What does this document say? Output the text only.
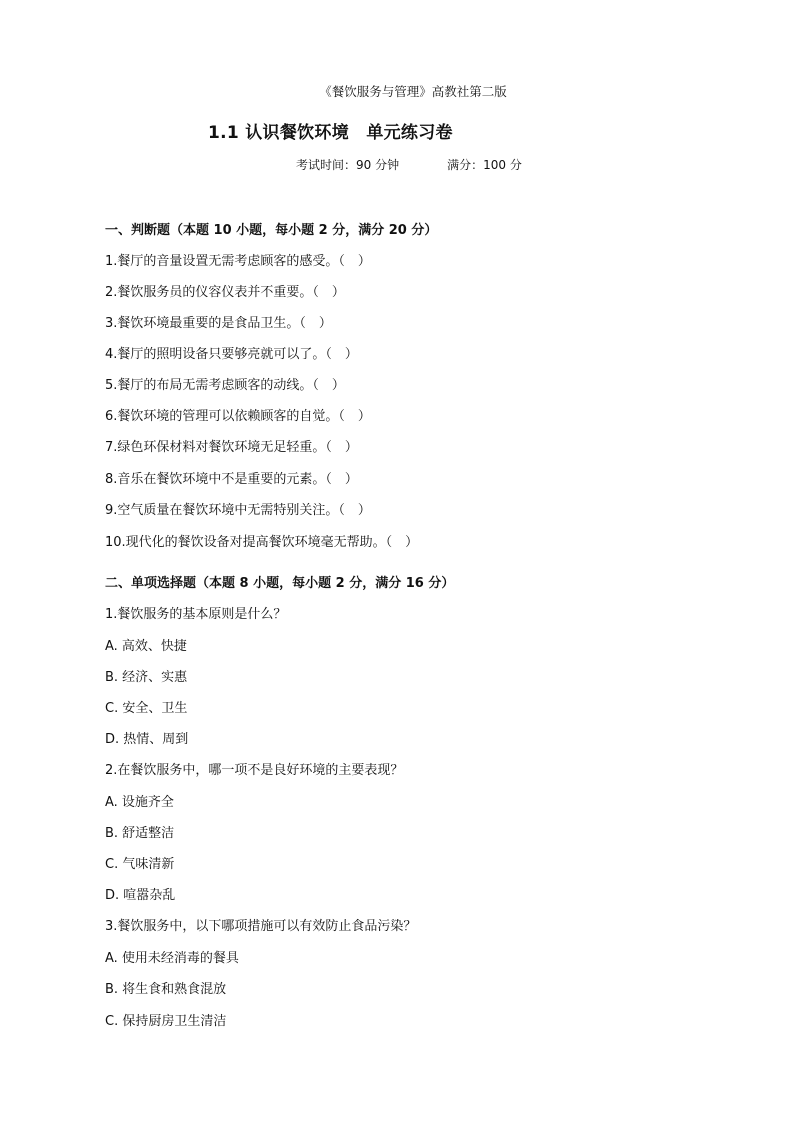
《餐饮服务与管理》高教社第二版
1.1 认识餐饮环境　单元练习卷
考试时间：90 分钟	满分：100 分
一、判断题（本题 10 小题，每小题 2 分，满分 20 分）
1.餐厅的音量设置无需考虑顾客的感受。（　）
2.餐饮服务员的仪容仪表并不重要。（　）
3.餐饮环境最重要的是食品卫生。（　）
4.餐厅的照明设备只要够亮就可以了。（　）
5.餐厅的布局无需考虑顾客的动线。（　）
6.餐饮环境的管理可以依赖顾客的自觉。（　）
7.绿色环保材料对餐饮环境无足轻重。（　）
8.音乐在餐饮环境中不是重要的元素。（　）
9.空气质量在餐饮环境中无需特别关注。（　）
10.现代化的餐饮设备对提高餐饮环境毫无帮助。（　）
二、单项选择题（本题 8 小题，每小题 2 分，满分 16 分）
1.餐饮服务的基本原则是什么？
A. 高效、快捷
B. 经济、实惠
C. 安全、卫生
D. 热情、周到
2.在餐饮服务中，哪一项不是良好环境的主要表现？
A. 设施齐全
B. 舒适整洁
C. 气味清新
D. 喧嚣杂乱
3.餐饮服务中，以下哪项措施可以有效防止食品污染？
A. 使用未经消毒的餐具
B. 将生食和熟食混放
C. 保持厨房卫生清洁
